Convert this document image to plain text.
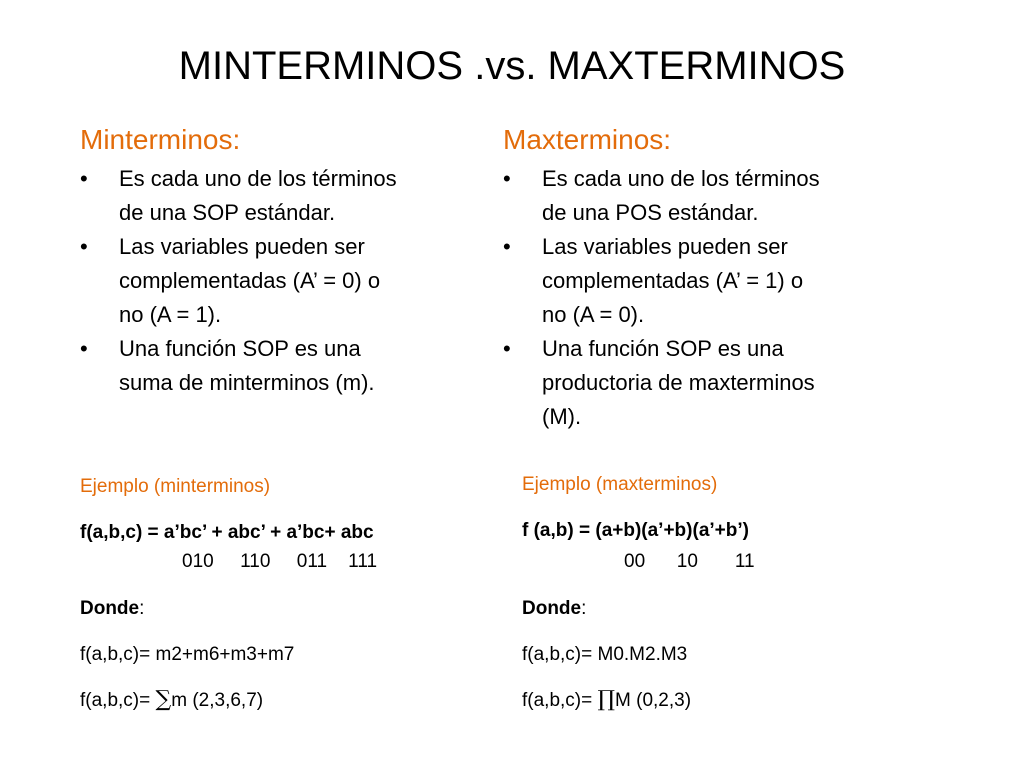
MINTERMINOS .vs. MAXTERMINOS
Minterminos:
•	Es cada uno de los términos
de una SOP estándar.
•	Las variables pueden ser
complementadas (A’ = 0) o
no (A = 1).
•	Una función SOP es una
suma de minterminos (m).
Ejemplo (minterminos)
f(a,b,c) = a’bc’ + abc’ + a’bc+ abc
010     110     011    111
Donde:
f(a,b,c)= m2+m6+m3+m7
f(a,b,c)= ∑m (2,3,6,7)
Maxterminos:
•	Es cada uno de los términos
de una POS estándar.
•	Las variables pueden ser
complementadas (A’ = 1) o
no (A = 0).
•	Una función SOP es una
productoria de maxterminos
(M).
Ejemplo (maxterminos)
f (a,b) = (a+b)(a’+b)(a’+b’)
00      10       11
Donde:
f(a,b,c)= M0.M2.M3
f(a,b,c)= ∏M (0,2,3)
